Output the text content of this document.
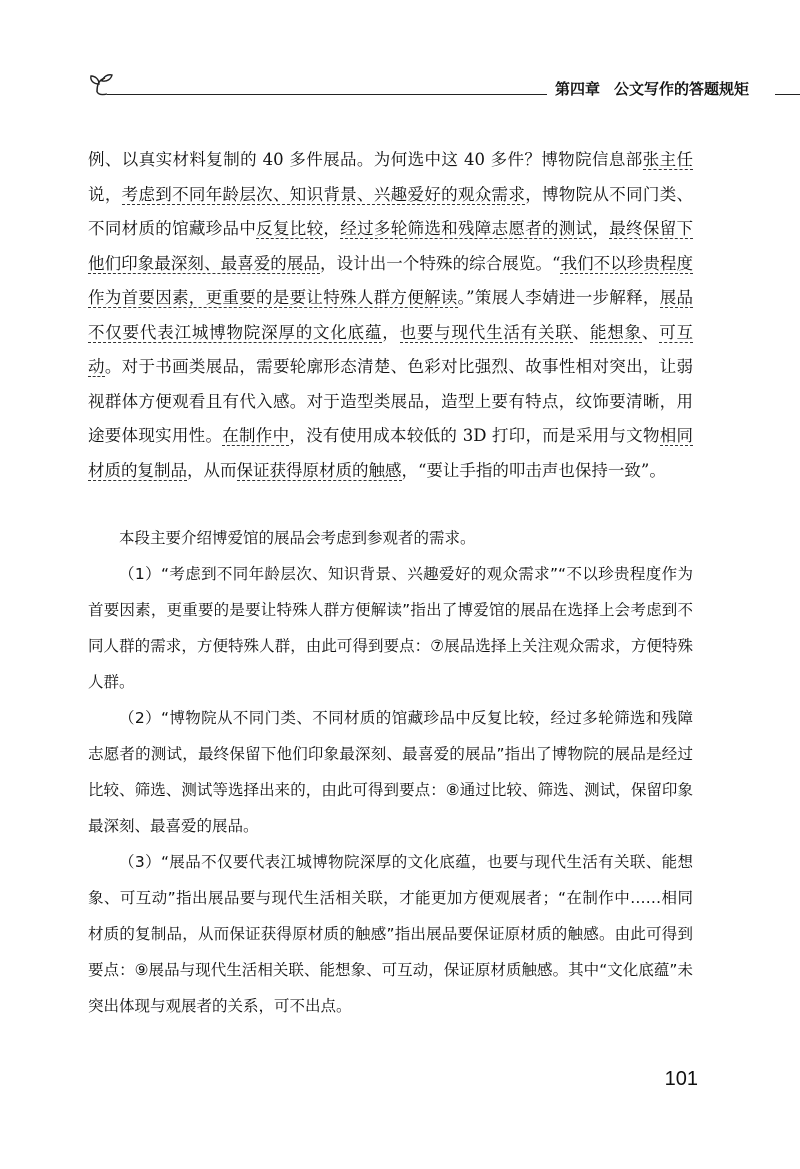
第四章 公文写作的答题规矩

例、以真实材料复制的 40 多件展品。为何选中这 40 多件？博物院信息部张主任说，考虑到不同年龄层次、知识背景、兴趣爱好的观众需求，博物院从不同门类、不同材质的馆藏珍品中反复比较，经过多轮筛选和残障志愿者的测试，最终保留下他们印象最深刻、最喜爱的展品，设计出一个特殊的综合展览。“我们不以珍贵程度作为首要因素，更重要的是要让特殊人群方便解读。”策展人李婧进一步解释，展品不仅要代表江城博物院深厚的文化底蕴，也要与现代生活有关联、能想象、可互动。对于书画类展品，需要轮廓形态清楚、色彩对比强烈、故事性相对突出，让弱视群体方便观看且有代入感。对于造型类展品，造型上要有特点，纹饰要清晰，用途要体现实用性。在制作中，没有使用成本较低的 3D 打印，而是采用与文物相同材质的复制品，从而保证获得原材质的触感，“要让手指的叩击声也保持一致”。

本段主要介绍博爱馆的展品会考虑到参观者的需求。

（1）“考虑到不同年龄层次、知识背景、兴趣爱好的观众需求”“不以珍贵程度作为首要因素，更重要的是要让特殊人群方便解读”指出了博爱馆的展品在选择上会考虑到不同人群的需求，方便特殊人群，由此可得到要点：⑦展品选择上关注观众需求，方便特殊人群。

（2）“博物院从不同门类、不同材质的馆藏珍品中反复比较，经过多轮筛选和残障志愿者的测试，最终保留下他们印象最深刻、最喜爱的展品”指出了博物院的展品是经过比较、筛选、测试等选择出来的，由此可得到要点：⑧通过比较、筛选、测试，保留印象最深刻、最喜爱的展品。

（3）“展品不仅要代表江城博物院深厚的文化底蕴，也要与现代生活有关联、能想象、可互动”指出展品要与现代生活相关联，才能更加方便观展者；“在制作中……相同材质的复制品，从而保证获得原材质的触感”指出展品要保证原材质的触感。由此可得到要点：⑨展品与现代生活相关联、能想象、可互动，保证原材质触感。其中“文化底蕴”未突出体现与观展者的关系，可不出点。

101
